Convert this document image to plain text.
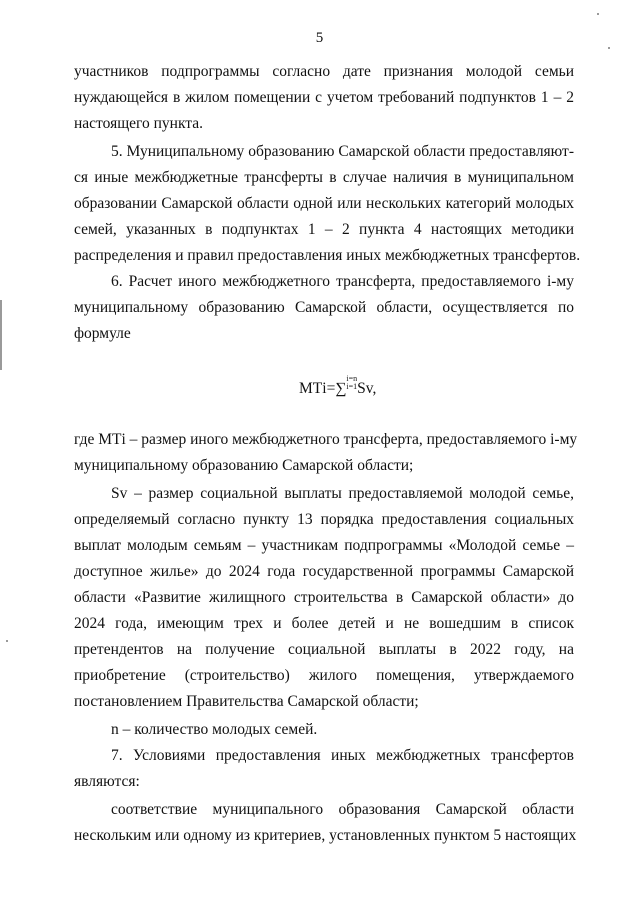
5
участников подпрограммы согласно дате признания молодой семьи
нуждающейся в жилом помещении с учетом требований подпунктов 1 – 2
настоящего пункта.
5. Муниципальному образованию Самарской области предоставляют-
ся иные межбюджетные трансферты в случае наличия в муниципальном
образовании Самарской области одной или нескольких категорий молодых
семей, указанных в подпунктах 1 – 2 пункта 4 настоящих методики
распределения и правил предоставления иных межбюджетных трансфертов.
6. Расчет иного межбюджетного трансферта, предоставляемого i-му
муниципальному образованию Самарской области, осуществляется по
формуле
МТi=∑i=n
i=1Sv,
где МТi – размер иного межбюджетного трансферта, предоставляемого i-му
муниципальному образованию Самарской области;
Sv – размер социальной выплаты предоставляемой молодой семье,
определяемый согласно пункту 13 порядка предоставления социальных
выплат молодым семьям – участникам подпрограммы «Молодой семье –
доступное жилье» до 2024 года государственной программы Самарской
области «Развитие жилищного строительства в Самарской области» до
2024 года, имеющим трех и более детей и не вошедшим в список
претендентов на получение социальной выплаты в 2022 году, на
приобретение (строительство) жилого помещения, утверждаемого
постановлением Правительства Самарской области;
n – количество молодых семей.
7. Условиями предоставления иных межбюджетных трансфертов
являются:
соответствие муниципального образования Самарской области
нескольким или одному из критериев, установленных пунктом 5 настоящих
